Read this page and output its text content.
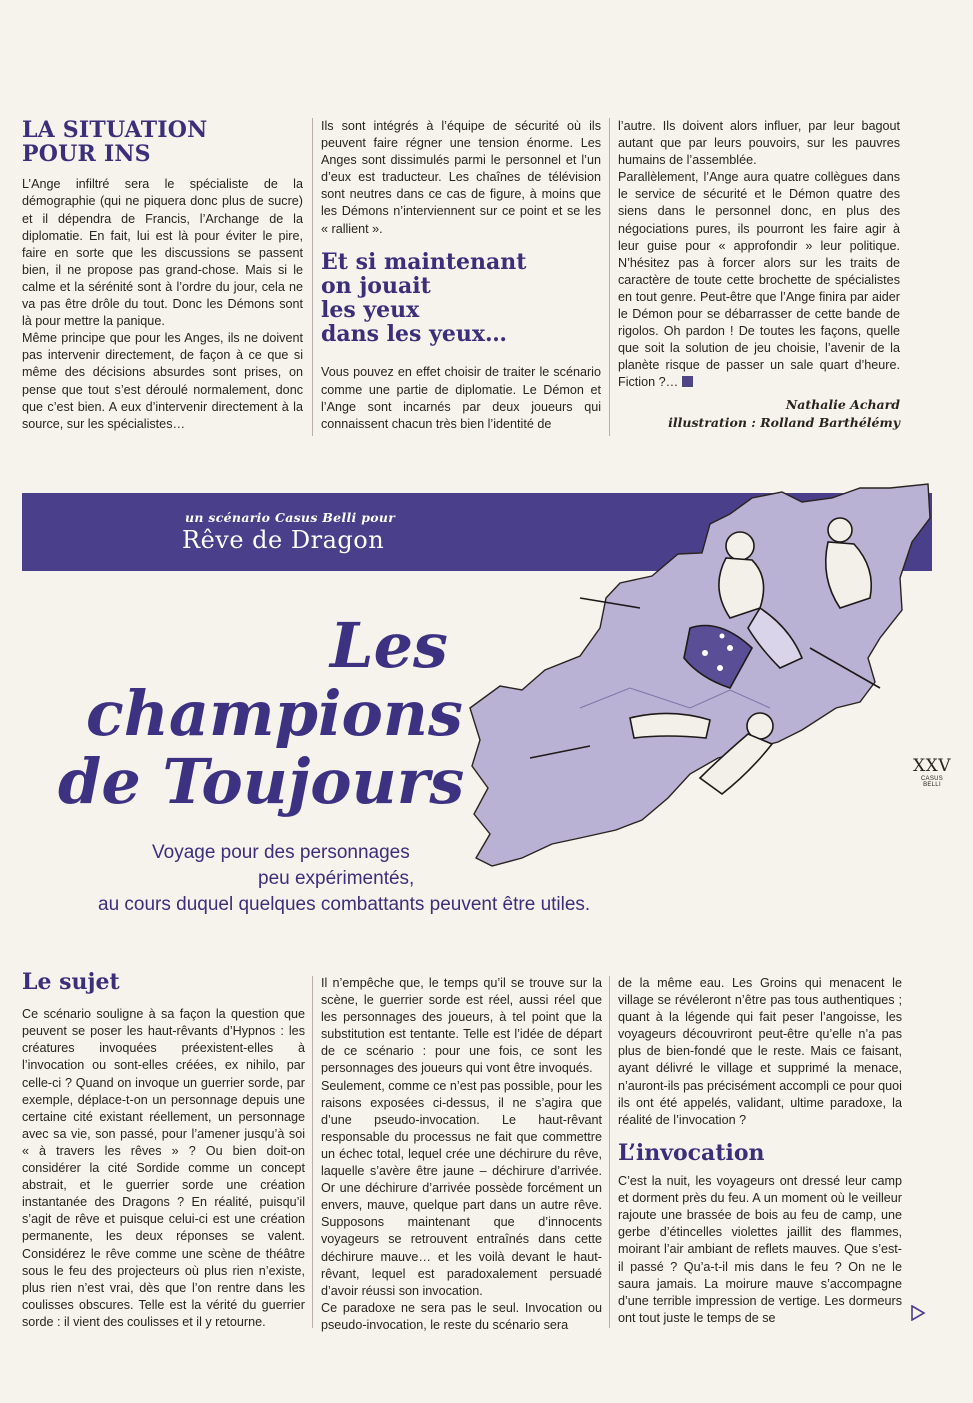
LA SITUATION
POUR INS

L’Ange infiltré sera le spécialiste de la démographie (qui ne piquera donc plus de sucre) et il dépendra de Francis, l’Archange de la diplomatie. En fait, lui est là pour éviter le pire, faire en sorte que les discussions se passent bien, il ne propose pas grand-chose. Mais si le calme et la sérénité sont à l’ordre du jour, cela ne va pas être drôle du tout. Donc les Démons sont là pour mettre la panique.

Même principe que pour les Anges, ils ne doivent pas intervenir directement, de façon à ce que si même des décisions absurdes sont prises, on pense que tout s’est déroulé normalement, donc que c’est bien. A eux d’intervenir directement à la source, sur les spécialistes…

Ils sont intégrés à l’équipe de sécurité où ils peuvent faire régner une tension énorme. Les Anges sont dissimulés parmi le personnel et l’un d’eux est traducteur. Les chaînes de télévision sont neutres dans ce cas de figure, à moins que les Démons n’interviennent sur ce point et se les « rallient ».

Et si maintenant
on jouait
les yeux
dans les yeux…

Vous pouvez en effet choisir de traiter le scénario comme une partie de diplomatie. Le Démon et l’Ange sont incarnés par deux joueurs qui connaissent chacun très bien l’identité de

l’autre. Ils doivent alors influer, par leur bagout autant que par leurs pouvoirs, sur les pauvres humains de l’assemblée.

Parallèlement, l’Ange aura quatre collègues dans le service de sécurité et le Démon quatre des siens dans le personnel donc, en plus des négociations pures, ils pourront les faire agir à leur guise pour « approfondir » leur politique. N’hésitez pas à forcer alors sur les traits de caractère de toute cette brochette de spécialistes en tout genre. Peut-être que l’Ange finira par aider le Démon pour se débarrasser de cette bande de rigolos. Oh pardon ! De toutes les façons, quelle que soit la solution de jeu choisie, l’avenir de la planète risque de passer un sale quart d’heure. Fiction ?…

Nathalie Achard
illustration : Rolland Barthélémy
un scénario Casus Belli pour
Rêve de Dragon
Les
champions
de Toujours
Voyage pour des personnages
peu expérimentés,
au cours duquel quelques combattants peuvent être utiles.
XXV
CASUS BELLI
Le sujet

Ce scénario souligne à sa façon la question que peuvent se poser les haut-rêvants d’Hypnos : les créatures invoquées préexistent-elles à l’invocation ou sont-elles créées, ex nihilo, par celle-ci ? Quand on invoque un guerrier sorde, par exemple, déplace-t-on un personnage depuis une certaine cité existant réellement, un personnage avec sa vie, son passé, pour l’amener jusqu’à soi « à travers les rêves » ? Ou bien doit-on considérer la cité Sordide comme un concept abstrait, et le guerrier sorde une création instantanée des Dragons ? En réalité, puisqu’il s’agit de rêve et puisque celui-ci est une création permanente, les deux réponses se valent. Considérez le rêve comme une scène de théâtre sous le feu des projecteurs où plus rien n’existe, plus rien n’est vrai, dès que l’on rentre dans les coulisses obscures. Telle est la vérité du guerrier sorde : il vient des coulisses et il y retourne.

Il n’empêche que, le temps qu’il se trouve sur la scène, le guerrier sorde est réel, aussi réel que les personnages des joueurs, à tel point que la substitution est tentante. Telle est l’idée de départ de ce scénario : pour une fois, ce sont les personnages des joueurs qui vont être invoqués.

Seulement, comme ce n’est pas possible, pour les raisons exposées ci-dessus, il ne s’agira que d’une pseudo-invocation. Le haut-rêvant responsable du processus ne fait que commettre un échec total, lequel crée une déchirure du rêve, laquelle s’avère être jaune – déchirure d’arrivée. Or une déchirure d’arrivée possède forcément un envers, mauve, quelque part dans un autre rêve. Supposons maintenant que d’innocents voyageurs se retrouvent entraînés dans cette déchirure mauve… et les voilà devant le haut-rêvant, lequel est paradoxalement persuadé d’avoir réussi son invocation.

Ce paradoxe ne sera pas le seul. Invocation ou pseudo-invocation, le reste du scénario sera

de la même eau. Les Groins qui menacent le village se révéleront n’être pas tous authentiques ; quant à la légende qui fait peser l’angoisse, les voyageurs découvriront peut-être qu’elle n’a pas plus de bien-fondé que le reste. Mais ce faisant, ayant délivré le village et supprimé la menace, n’auront-ils pas précisément accompli ce pour quoi ils ont été appelés, validant, ultime paradoxe, la réalité de l’invocation ?

L’invocation

C’est la nuit, les voyageurs ont dressé leur camp et dorment près du feu. A un moment où le veilleur rajoute une brassée de bois au feu de camp, une gerbe d’étincelles violettes jaillit des flammes, moirant l’air ambiant de reflets mauves. Que s’est-il passé ? Qu’a-t-il mis dans le feu ? On ne le saura jamais. La moirure mauve s’accompagne d’une terrible impression de vertige. Les dormeurs ont tout juste le temps de se
